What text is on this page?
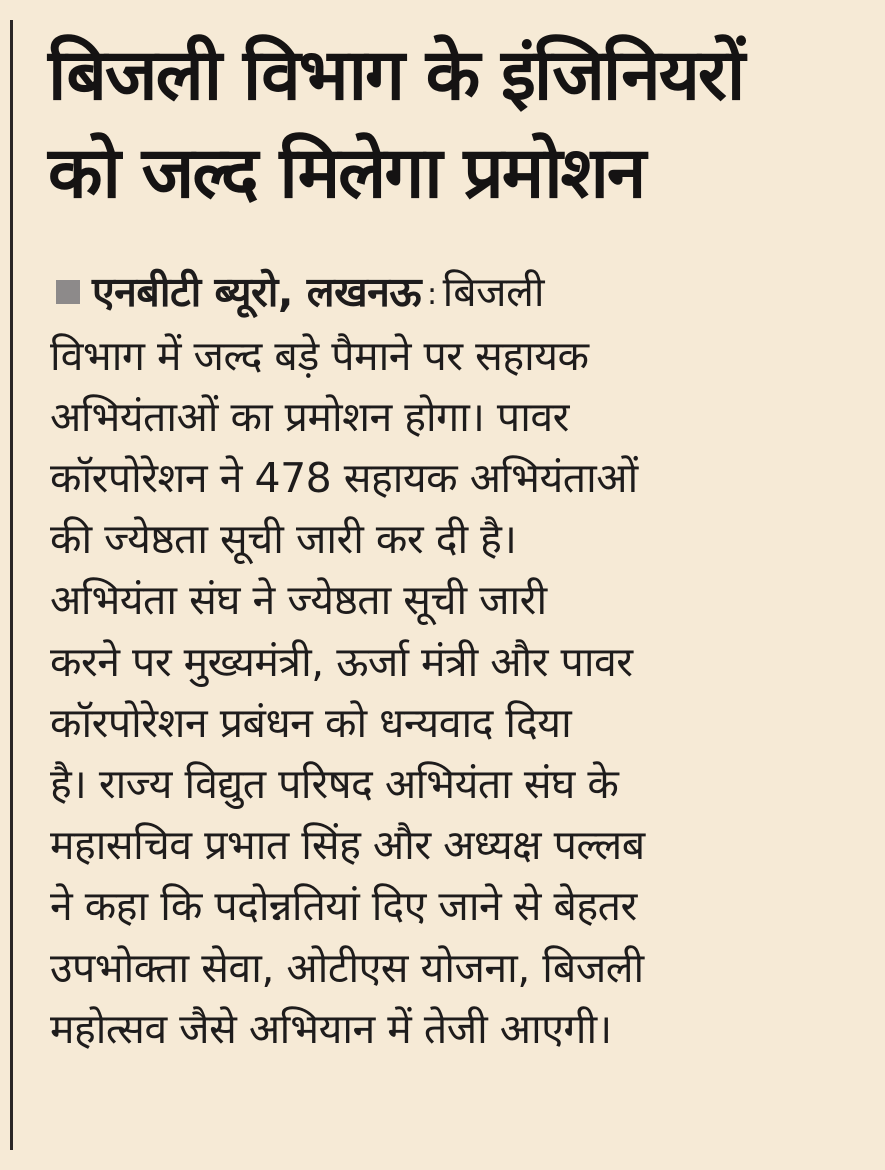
बिजली विभाग के इंजिनियरों
को जल्द मिलेगा प्रमोशन
एनबीटी ब्यूरो, लखनऊ : बिजली
विभाग में जल्द बड़े पैमाने पर सहायक
अभियंताओं का प्रमोशन होगा। पावर
कॉरपोरेशन ने 478 सहायक अभियंताओं
की ज्येष्ठता सूची जारी कर दी है।
अभियंता संघ ने ज्येष्ठता सूची जारी
करने पर मुख्यमंत्री, ऊर्जा मंत्री और पावर
कॉरपोरेशन प्रबंधन को धन्यवाद दिया
है। राज्य विद्युत परिषद अभियंता संघ के
महासचिव प्रभात सिंह और अध्यक्ष पल्लब
ने कहा कि पदोन्नतियां दिए जाने से बेहतर
उपभोक्ता सेवा, ओटीएस योजना, बिजली
महोत्सव जैसे अभियान में तेजी आएगी।
